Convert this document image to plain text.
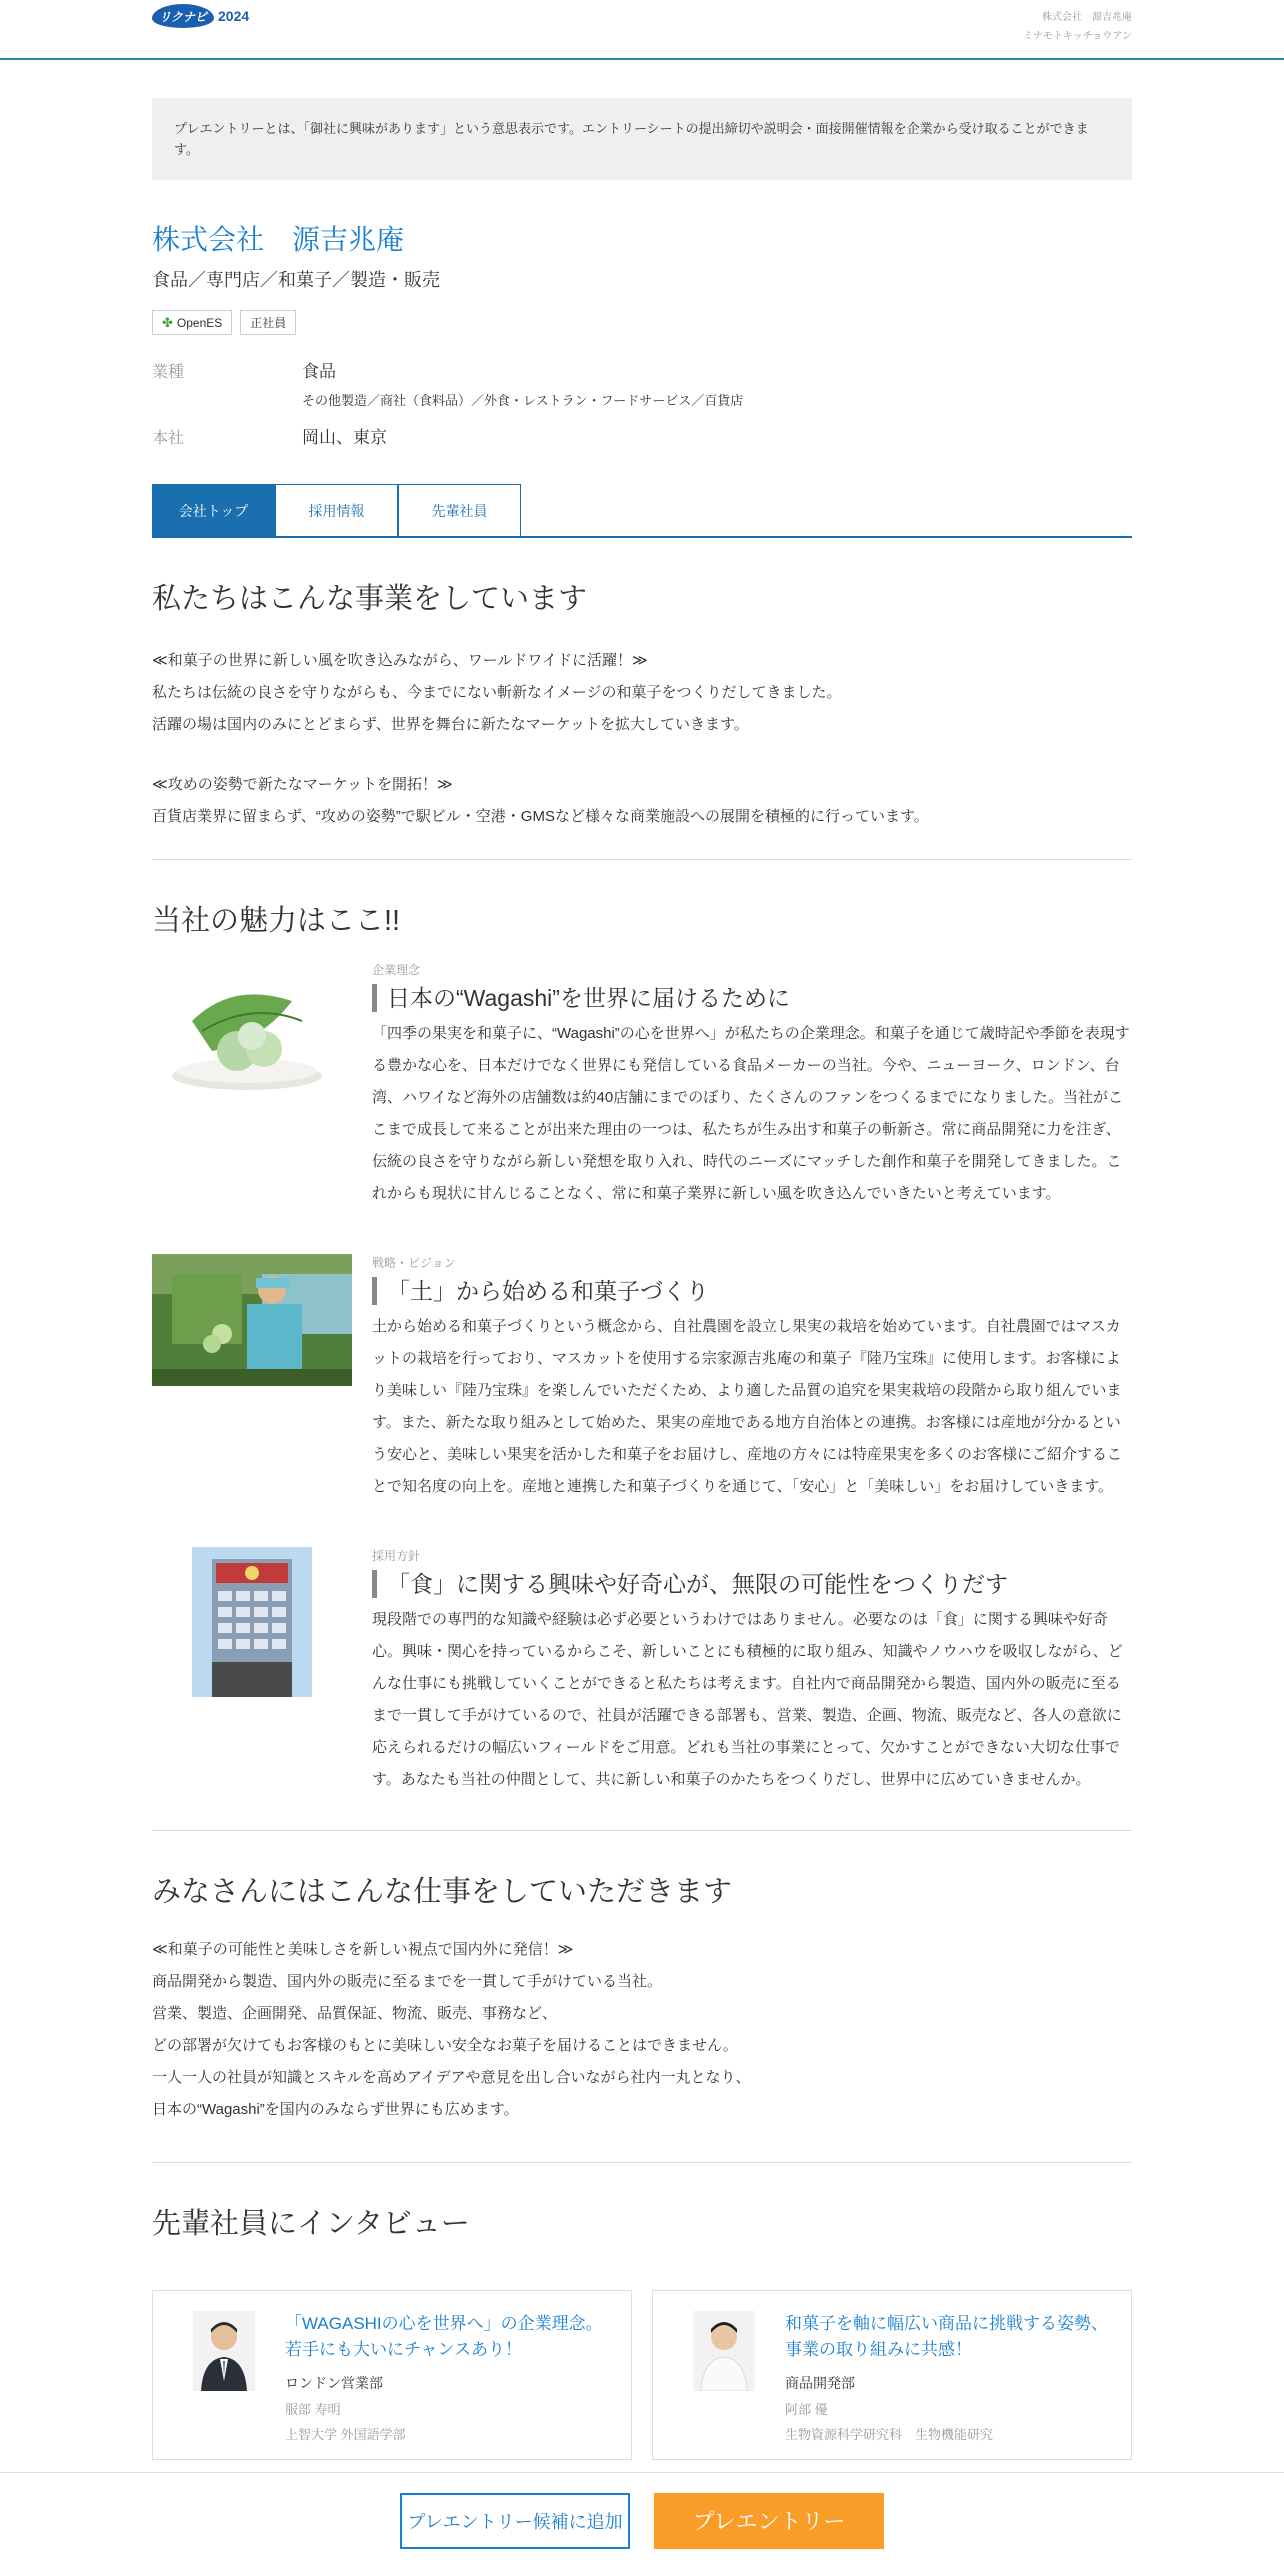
リクナビ 2024	株式会社　源吉兆庵
ミナモトキッチョウアン
プレエントリーとは、「御社に興味があります」という意思表示です。エントリーシートの提出締切や説明会・面接開催情報を企業から受け取ることができます。
株式会社　源吉兆庵
食品／専門店／和菓子／製造・販売
✤ OpenES 正社員
業種	食品
その他製造／商社（食料品）／外食・レストラン・フードサービス／百貨店
本社	岡山、東京
会社トップ	採用情報	先輩社員
私たちはこんな事業をしています
≪和菓子の世界に新しい風を吹き込みながら、ワールドワイドに活躍！≫
私たちは伝統の良さを守りながらも、今までにない斬新なイメージの和菓子をつくりだしてきました。
活躍の場は国内のみにとどまらず、世界を舞台に新たなマーケットを拡大していきます。
≪攻めの姿勢で新たなマーケットを開拓！≫
百貨店業界に留まらず、“攻めの姿勢”で駅ビル・空港・GMSなど様々な商業施設への展開を積極的に行っています。
当社の魅力はここ!!
企業理念
日本の“Wagashi”を世界に届けるために

「四季の果実を和菓子に、“Wagashi”の心を世界へ」が私たちの企業理念。和菓子を通じて歳時記や季節を表現する豊かな心を、日本だけでなく世界にも発信している食品メーカーの当社。今や、ニューヨーク、ロンドン、台湾、ハワイなど海外の店舗数は約40店舗にまでのぼり、たくさんのファンをつくるまでになりました。当社がここまで成長して来ることが出来た理由の一つは、私たちが生み出す和菓子の斬新さ。常に商品開発に力を注ぎ、伝統の良さを守りながら新しい発想を取り入れ、時代のニーズにマッチした創作和菓子を開発してきました。これからも現状に甘んじることなく、常に和菓子業界に新しい風を吹き込んでいきたいと考えています。

戦略・ビジョン
「土」から始める和菓子づくり

土から始める和菓子づくりという概念から、自社農園を設立し果実の栽培を始めています。自社農園ではマスカットの栽培を行っており、マスカットを使用する宗家源吉兆庵の和菓子『陸乃宝珠』に使用します。お客様により美味しい『陸乃宝珠』を楽しんでいただくため、より適した品質の追究を果実栽培の段階から取り組んでいます。また、新たな取り組みとして始めた、果実の産地である地方自治体との連携。お客様には産地が分かるという安心と、美味しい果実を活かした和菓子をお届けし、産地の方々には特産果実を多くのお客様にご紹介することで知名度の向上を。産地と連携した和菓子づくりを通じて、「安心」と「美味しい」をお届けしていきます。

採用方針
「食」に関する興味や好奇心が、無限の可能性をつくりだす

現段階での専門的な知識や経験は必ず必要というわけではありません。必要なのは「食」に関する興味や好奇心。興味・関心を持っているからこそ、新しいことにも積極的に取り組み、知識やノウハウを吸収しながら、どんな仕事にも挑戦していくことができると私たちは考えます。自社内で商品開発から製造、国内外の販売に至るまで一貫して手がけているので、社員が活躍できる部署も、営業、製造、企画、物流、販売など、各人の意欲に応えられるだけの幅広いフィールドをご用意。どれも当社の事業にとって、欠かすことができない大切な仕事です。あなたも当社の仲間として、共に新しい和菓子のかたちをつくりだし、世界中に広めていきませんか。

みなさんにはこんな仕事をしていただきます
≪和菓子の可能性と美味しさを新しい視点で国内外に発信！≫
商品開発から製造、国内外の販売に至るまでを一貫して手がけている当社。
営業、製造、企画開発、品質保証、物流、販売、事務など、
どの部署が欠けてもお客様のもとに美味しい安全なお菓子を届けることはできません。
一人一人の社員が知識とスキルを高めアイデアや意見を出し合いながら社内一丸となり、
日本の“Wagashi”を国内のみならず世界にも広めます。
先輩社員にインタビュー
「WAGASHIの心を世界へ」の企業理念。若手にも大いにチャンスあり！
ロンドン営業部
服部 寿明
上智大学 外国語学部
和菓子を軸に幅広い商品に挑戦する姿勢、事業の取り組みに共感！
商品開発部
阿部 優
生物資源科学研究科　生物機能研究
プレエントリー候補に追加	プレエントリー
